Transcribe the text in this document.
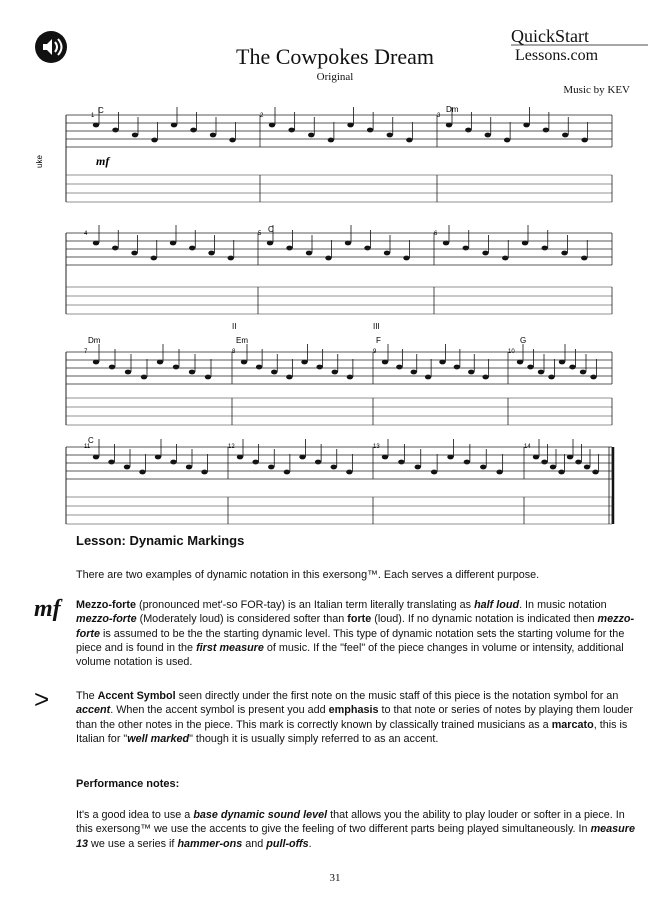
The Cowpokes Dream
Original
Music by KEV
QuickStart
Lessons.com
uke	mf
C	Dm
C
Dm	Em	F	G
C
II	III
1	2	3
4	5	6
7	8	9	10
11	12	13	14
Lesson: Dynamic Markings
There are two examples of dynamic notation in this exersong™. Each serves a different purpose.
mf Mezzo-forte (pronounced met'-so FOR-tay) is an Italian term literally translating as half loud. In music notation mezzo-forte (Moderately loud) is considered softer than forte (loud). If no dynamic notation is indicated then mezzo-forte is assumed to be the the starting dynamic level. This type of dynamic notation sets the starting volume for the piece and is found in the first measure of music. If the "feel" of the piece changes in volume or intensity, additional volume notation is used.
> The Accent Symbol seen directly under the first note on the music staff of this piece is the notation symbol for an accent. When the accent symbol is present you add emphasis to that note or series of notes by playing them louder than the other notes in the piece. This mark is correctly known by classically trained musicians as a marcato, this is Italian for "well marked" though it is usually simply referred to as an accent.
Performance notes:
It's a good idea to use a base dynamic sound level that allows you the ability to play louder or softer in a piece. In this exersong™ we use the accents to give the feeling of two different parts being played simultaneously. In measure 13 we use a series if hammer-ons and pull-offs.
31
